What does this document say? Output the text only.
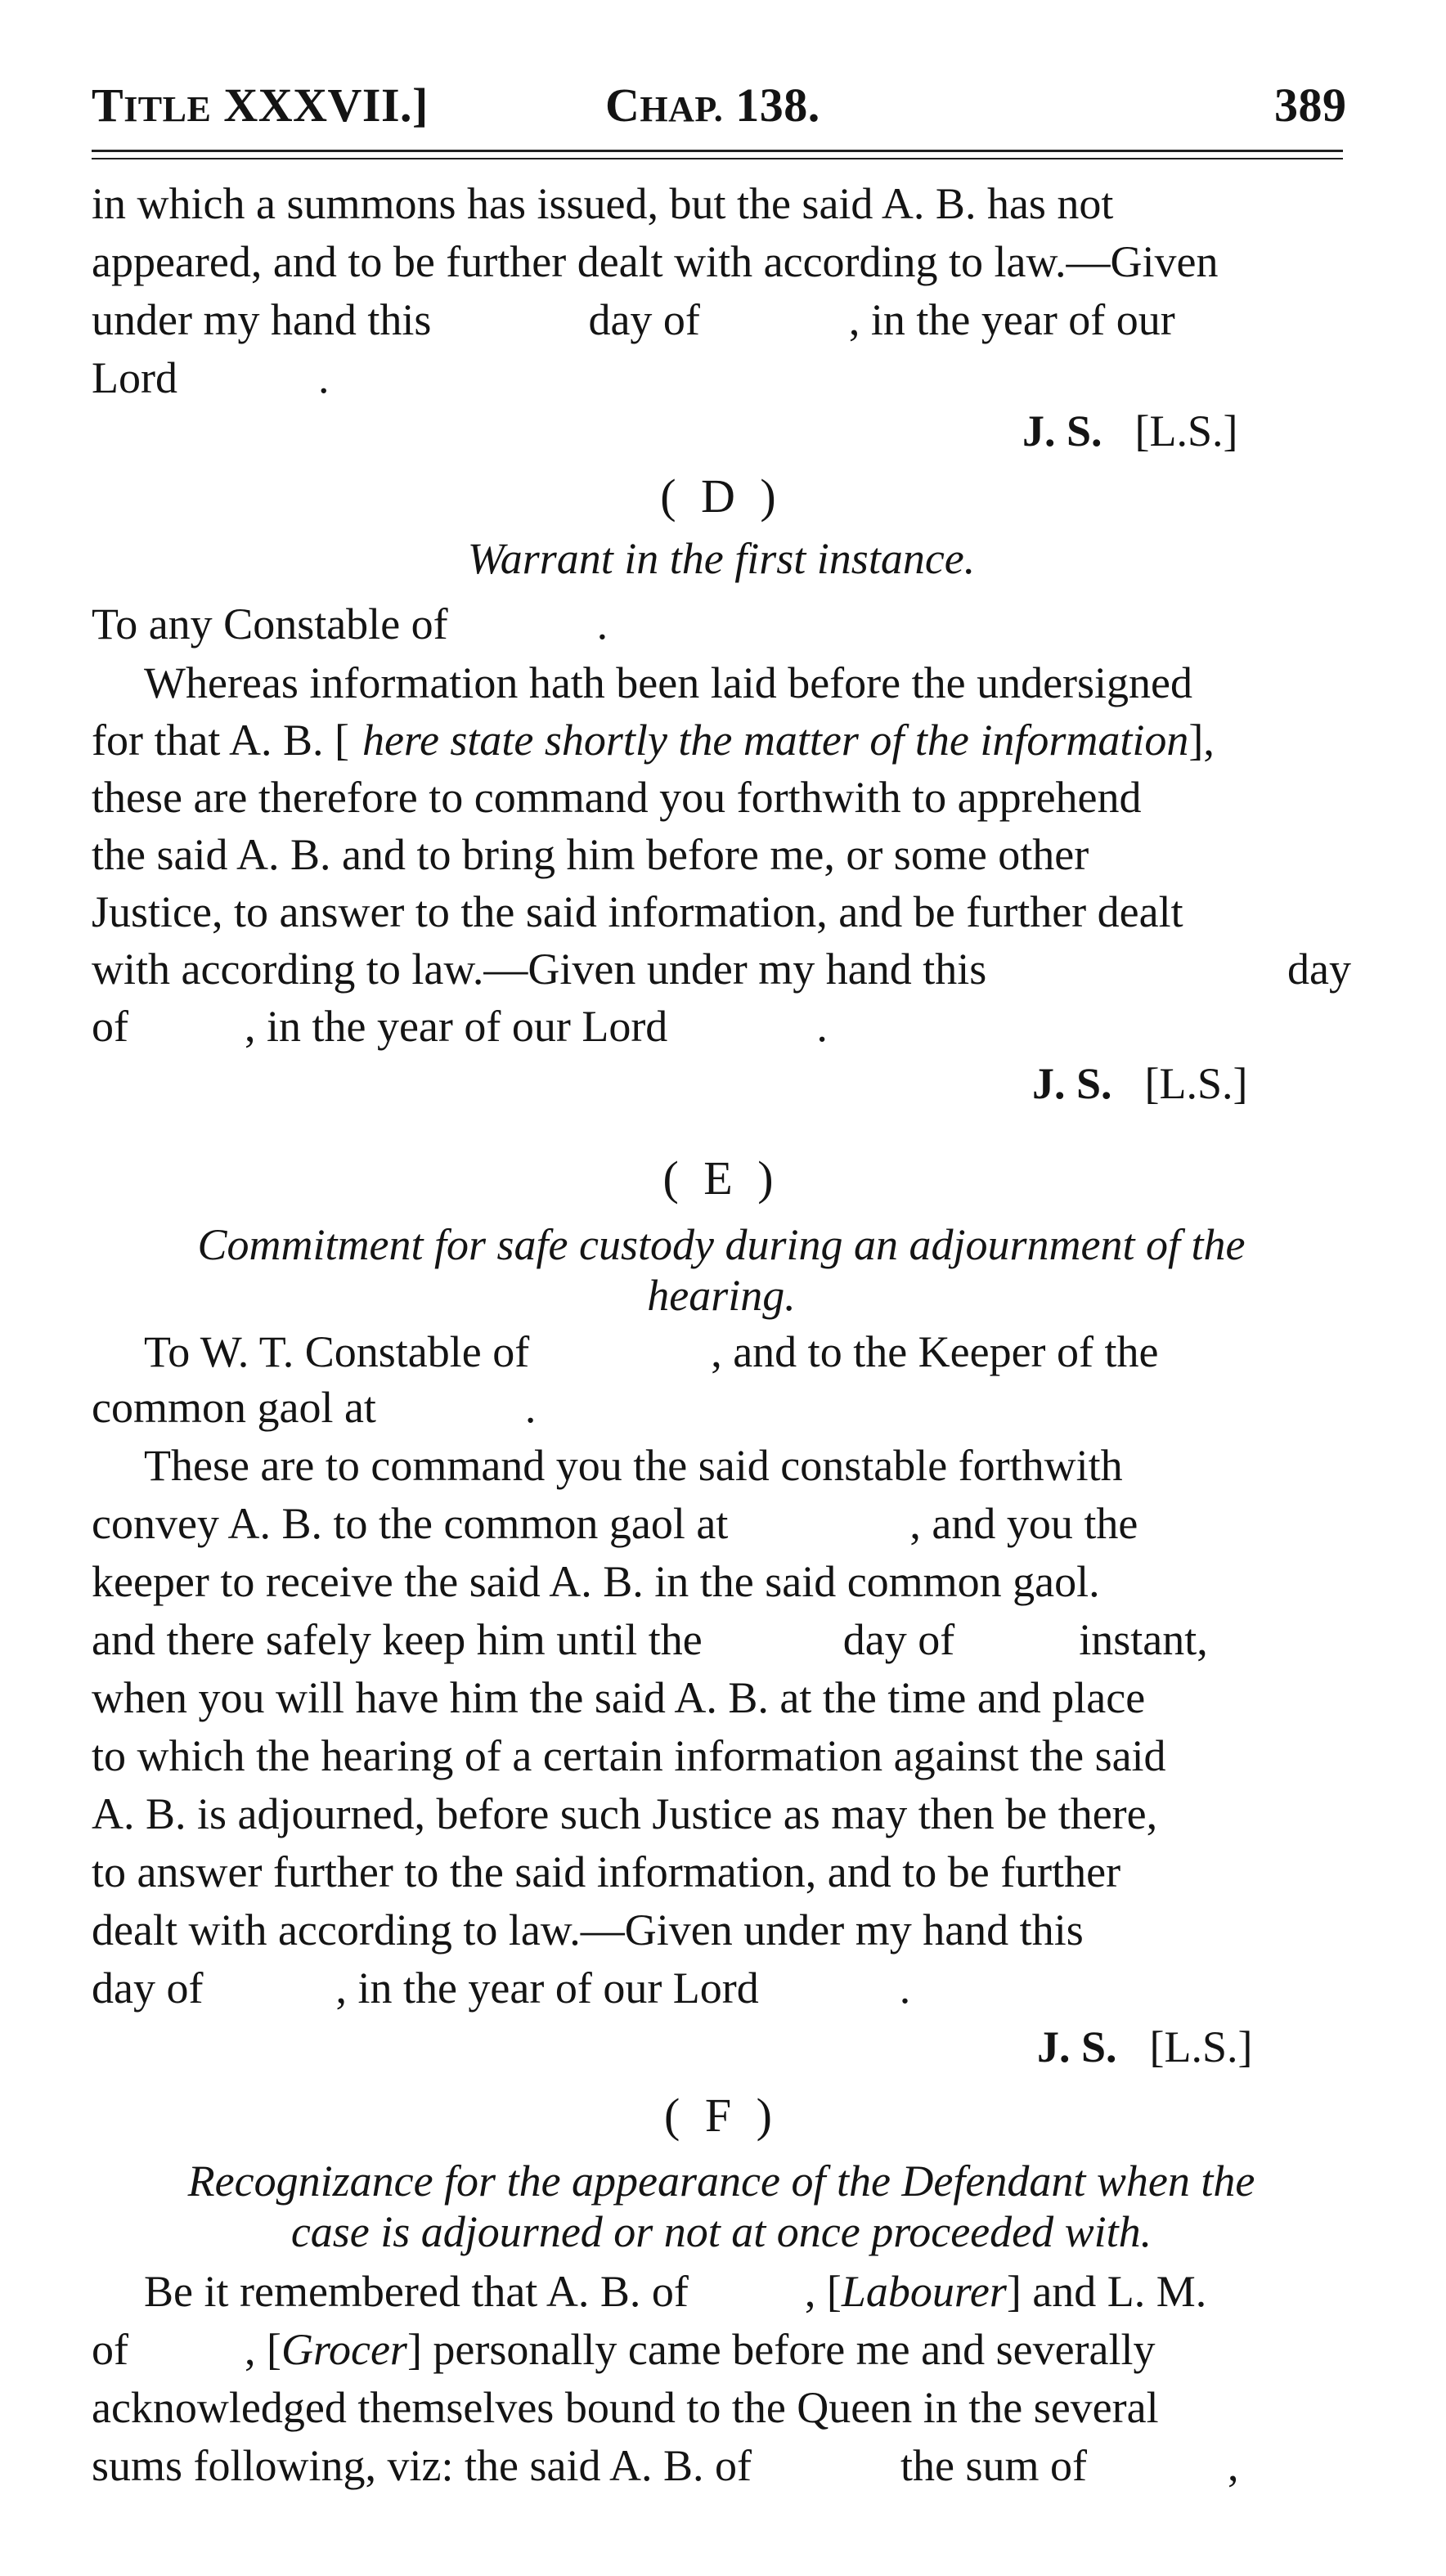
TITLE XXXVII.]	CHAP. 138.	389
in which a summons has issued, but the said A. B. has not
appeared, and to be further dealt with according to law.—Given
under my hand this	day of	, in the year of our
Lord	.
J. S. [L.S.]
( D )
Warrant in the first instance.
To any Constable of	.
Whereas information hath been laid before the undersigned
for that A. B. [ here state shortly the matter of the information ],
these are therefore to command you forthwith to apprehend
the said A. B. and to bring him before me, or some other
Justice, to answer to the said information, and be further dealt
with according to law.—Given under my hand this	day
of	, in the year of our Lord	.
J. S. [L.S.]
( E )
Commitment for safe custody during an adjournment of the
hearing.
To W. T. Constable of	, and to the Keeper of the
common gaol at	.
These are to command you the said constable forthwith
convey A. B. to the common gaol at	, and you the
keeper to receive the said A. B. in the said common gaol.
and there safely keep him until the	day of	instant,
when you will have him the said A. B. at the time and place
to which the hearing of a certain information against the said
A. B. is adjourned, before such Justice as may then be there,
to answer further to the said information, and to be further
dealt with according to law.—Given under my hand this
day of	, in the year of our Lord	.
J. S. [L.S.]
( F )
Recognizance for the appearance of the Defendant when the
case is adjourned or not at once proceeded with.
Be it remembered that A. B. of	, [ Labourer ] and L. M.
of	, [ Grocer ] personally came before me and severally
acknowledged themselves bound to the Queen in the several
sums following, viz: the said A. B. of	the sum of	,
